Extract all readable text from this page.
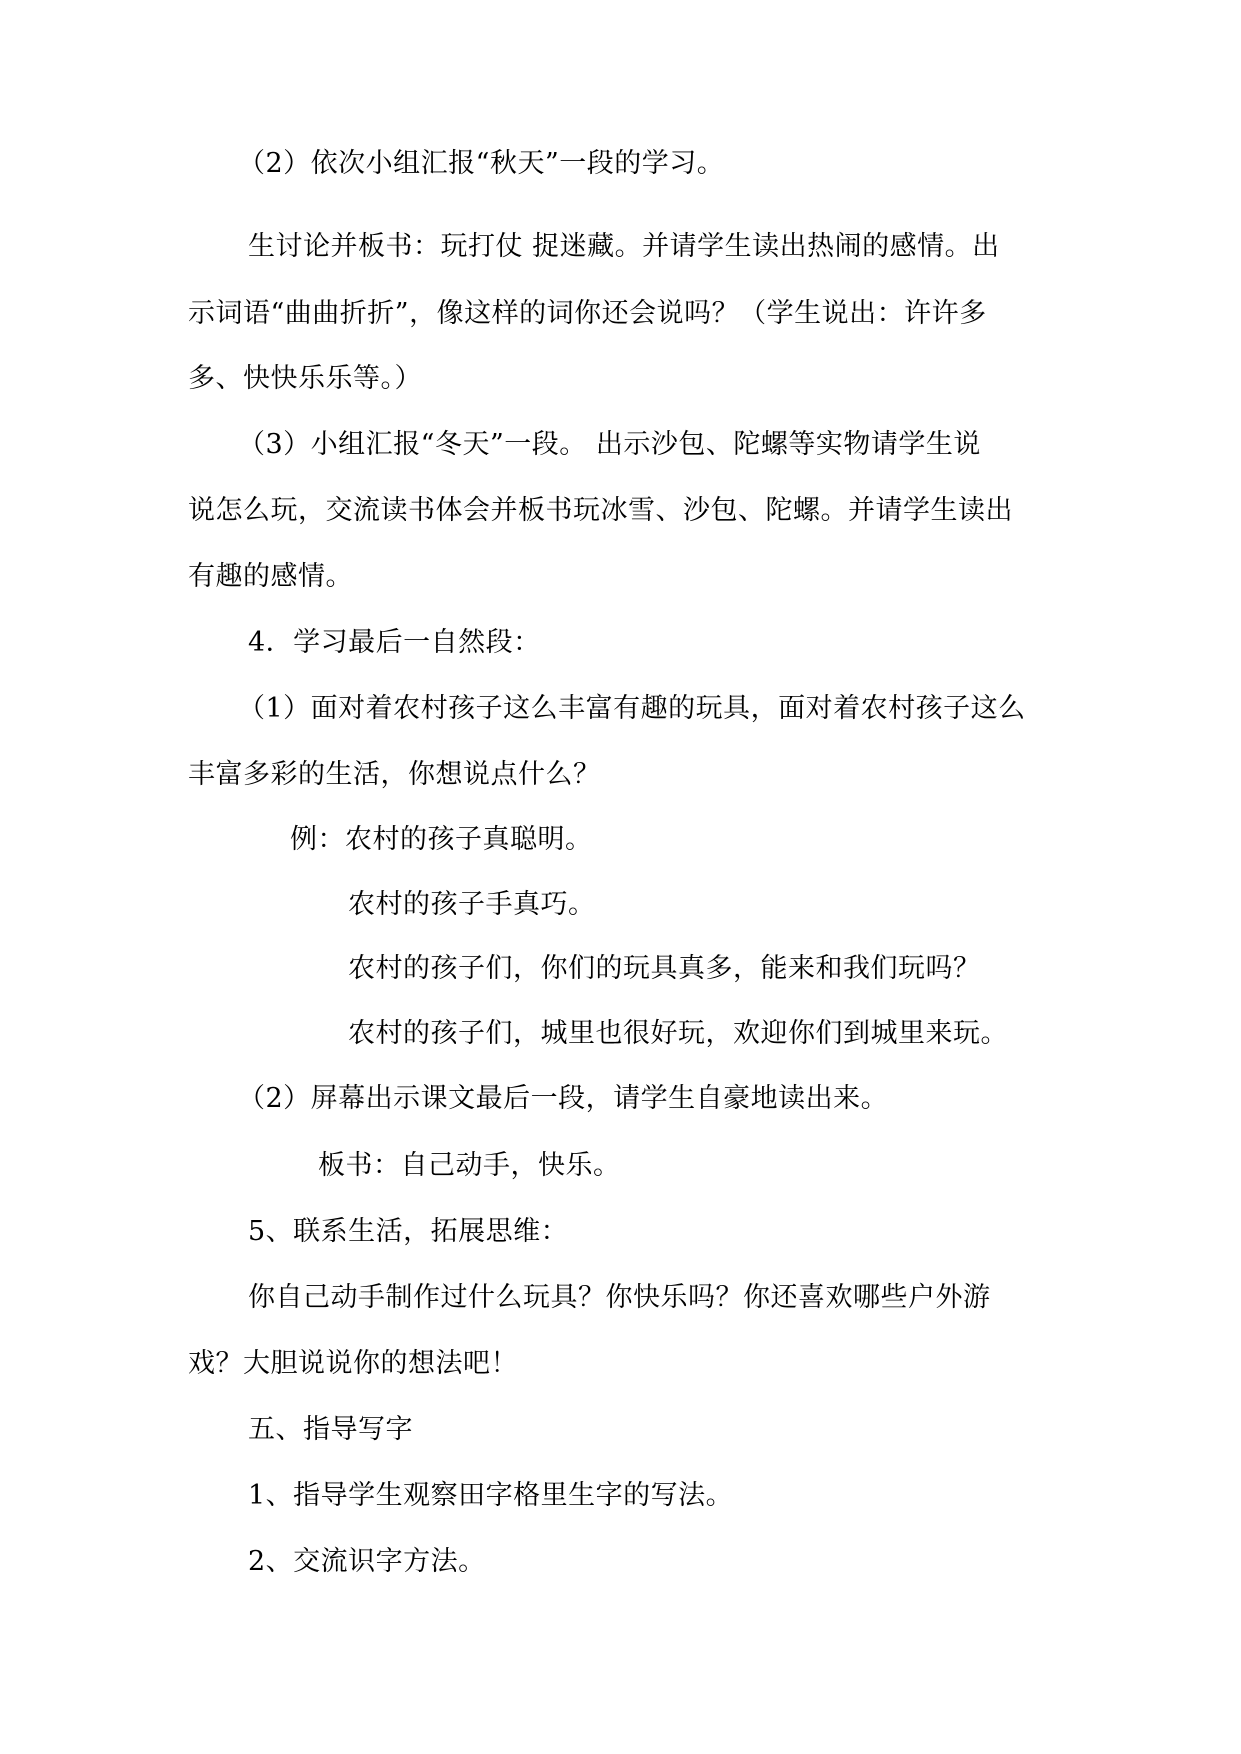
（2）依次小组汇报“秋天”一段的学习。
生讨论并板书：玩打仗 捉迷藏。并请学生读出热闹的感情。出
示词语“曲曲折折”，像这样的词你还会说吗？（学生说出：许许多
多、快快乐乐等。）
（3）小组汇报“冬天”一段。 出示沙包、陀螺等实物请学生说
说怎么玩，交流读书体会并板书玩冰雪、沙包、陀螺。并请学生读出
有趣的感情。
4．学习最后一自然段：
（1）面对着农村孩子这么丰富有趣的玩具，面对着农村孩子这么
丰富多彩的生活，你想说点什么？
例：农村的孩子真聪明。
农村的孩子手真巧。
农村的孩子们，你们的玩具真多，能来和我们玩吗？
农村的孩子们，城里也很好玩，欢迎你们到城里来玩。
（2）屏幕出示课文最后一段，请学生自豪地读出来。
板书：自己动手，快乐。
5、联系生活，拓展思维：
你自己动手制作过什么玩具？你快乐吗？你还喜欢哪些户外游
戏？大胆说说你的想法吧！
五、指导写字
1、指导学生观察田字格里生字的写法。
2、交流识字方法。
